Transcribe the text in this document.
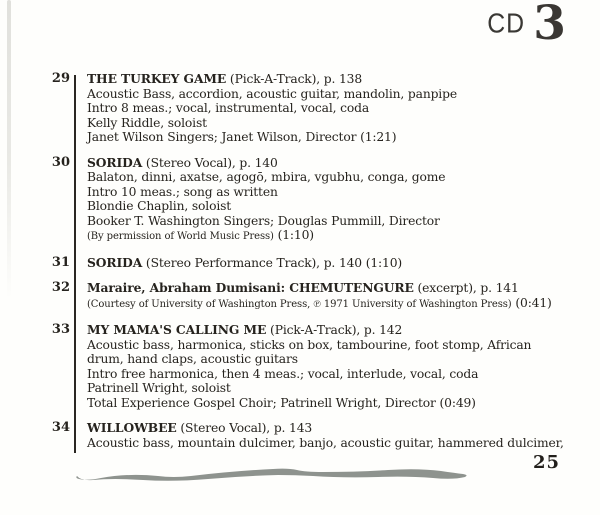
CD 3
29	THE TURKEY GAME (Pick-A-Track), p. 138
Acoustic Bass, accordion, acoustic guitar, mandolin, panpipe
Intro 8 meas.; vocal, instrumental, vocal, coda
Kelly Riddle, soloist
Janet Wilson Singers; Janet Wilson, Director (1:21)
30	SORIDA (Stereo Vocal), p. 140
Balaton, dinni, axatse, agogō, mbira, vgubhu, conga, gome
Intro 10 meas.; song as written
Blondie Chaplin, soloist
Booker T. Washington Singers; Douglas Pummill, Director
(By permission of World Music Press) (1:10)
31	SORIDA (Stereo Performance Track), p. 140 (1:10)
32	Maraire, Abraham Dumisani: CHEMUTENGURE (excerpt), p. 141
(Courtesy of University of Washington Press, ℗ 1971 University of Washington Press) (0:41)
33	MY MAMA'S CALLING ME (Pick-A-Track), p. 142
Acoustic bass, harmonica, sticks on box, tambourine, foot stomp, African
drum, hand claps, acoustic guitars
Intro free harmonica, then 4 meas.; vocal, interlude, vocal, coda
Patrinell Wright, soloist
Total Experience Gospel Choir; Patrinell Wright, Director (0:49)
34	WILLOWBEE (Stereo Vocal), p. 143
Acoustic bass, mountain dulcimer, banjo, acoustic guitar, hammered dulcimer,
25
